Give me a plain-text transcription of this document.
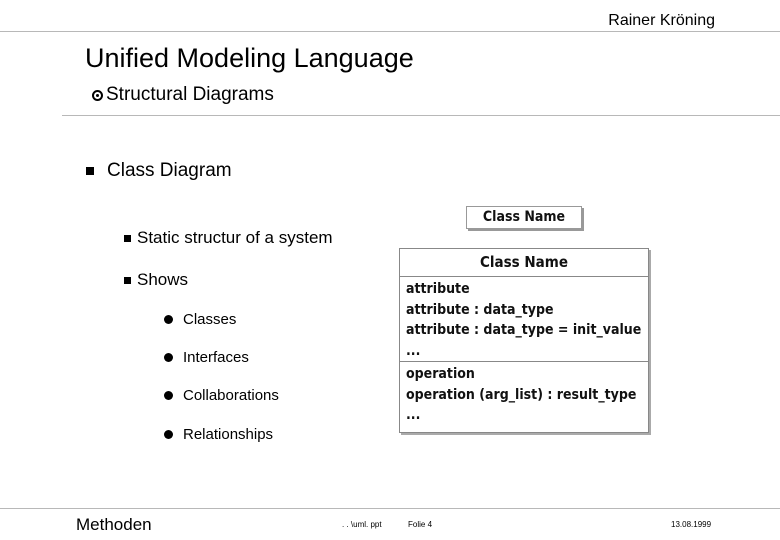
Rainer Kröning
Unified Modeling Language
Structural Diagrams
Class Diagram
Static structur of a system
Shows
Classes
Interfaces
Collaborations
Relationships
Class Name
Class Name
attribute
attribute : data_type
attribute : data_type = init_value
...
operation
operation (arg_list) : result_type
...
Methoden	. . \uml. ppt	Folie 4	13.08.1999
